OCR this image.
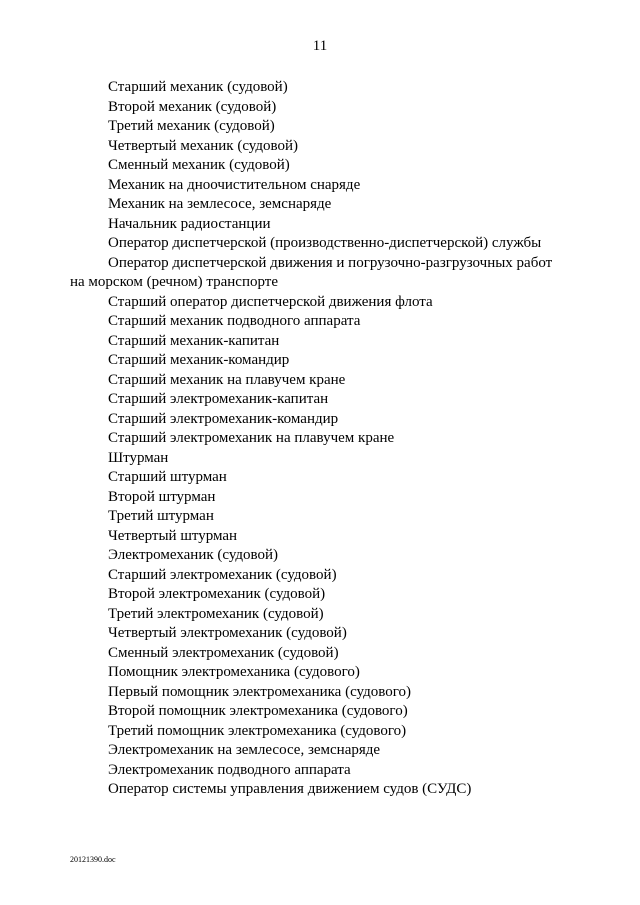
11
Старший механик (судовой)
Второй механик (судовой)
Третий механик (судовой)
Четвертый механик (судовой)
Сменный механик (судовой)
Механик на дноочистительном снаряде
Механик на землесосе, земснаряде
Начальник радиостанции
Оператор диспетчерской (производственно-диспетчерской) службы
Оператор диспетчерской движения и погрузочно-разгрузочных работ на морском (речном) транспорте
Старший оператор диспетчерской движения флота
Старший механик подводного аппарата
Старший механик-капитан
Старший механик-командир
Старший механик на плавучем кране
Старший электромеханик-капитан
Старший электромеханик-командир
Старший электромеханик на плавучем кране
Штурман
Старший штурман
Второй штурман
Третий штурман
Четвертый штурман
Электромеханик (судовой)
Старший электромеханик (судовой)
Второй электромеханик (судовой)
Третий электромеханик (судовой)
Четвертый электромеханик (судовой)
Сменный электромеханик (судовой)
Помощник электромеханика (судового)
Первый помощник электромеханика (судового)
Второй помощник электромеханика (судового)
Третий помощник электромеханика (судового)
Электромеханик на землесосе, земснаряде
Электромеханик подводного аппарата
Оператор системы управления движением судов (СУДС)
20121390.doc
